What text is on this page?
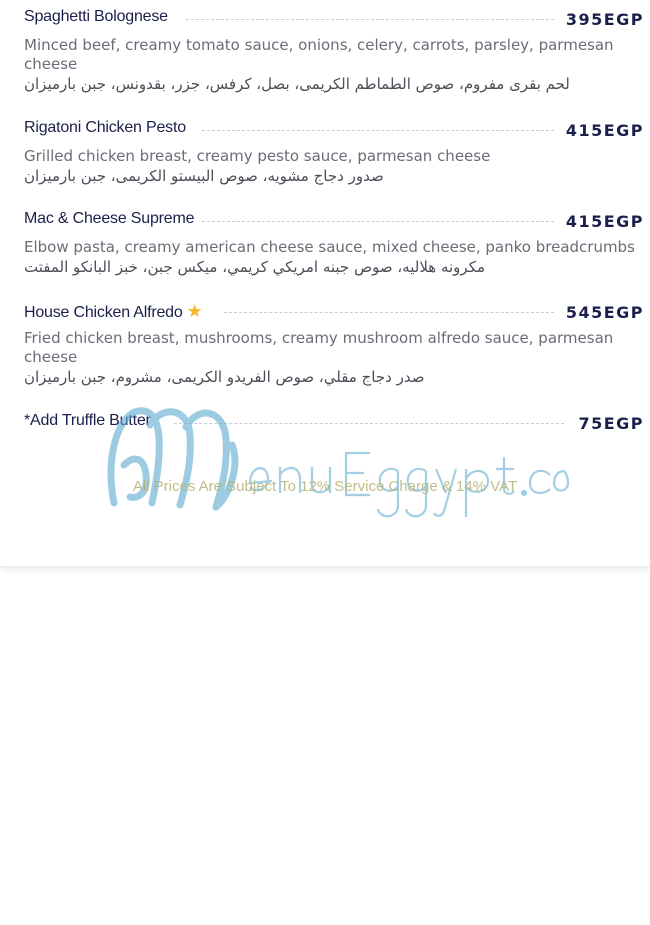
Spaghetti Bolognese	395EGP
Minced beef, creamy tomato sauce, onions, celery, carrots, parsley, parmesan cheese
لحم بقرى مفروم، صوص الطماطم الكريمى، بصل، كرفس، جزر، بقدونس، جبن بارميزان
Rigatoni Chicken Pesto	415EGP
Grilled chicken breast, creamy pesto sauce, parmesan cheese
صدور دجاج مشويه، صوص البيستو الكريمى، جبن بارميزان
Mac & Cheese Supreme	415EGP
Elbow pasta, creamy american cheese sauce, mixed cheese, panko breadcrumbs
مكرونه هلاليه، صوص جبنه امريكي كريمي، ميكس جبن، خبز البانكو المفتت
House Chicken Alfredo ★	545EGP
Fried chicken breast, mushrooms, creamy mushroom alfredo sauce, parmesan cheese
صدر دجاج مقلي، صوص الفريدو الكريمى، مشروم، جبن بارميزان
*Add Truffle Butter	75EGP
All Prices Are Subject To 12% Service Charge & 14% VAT
